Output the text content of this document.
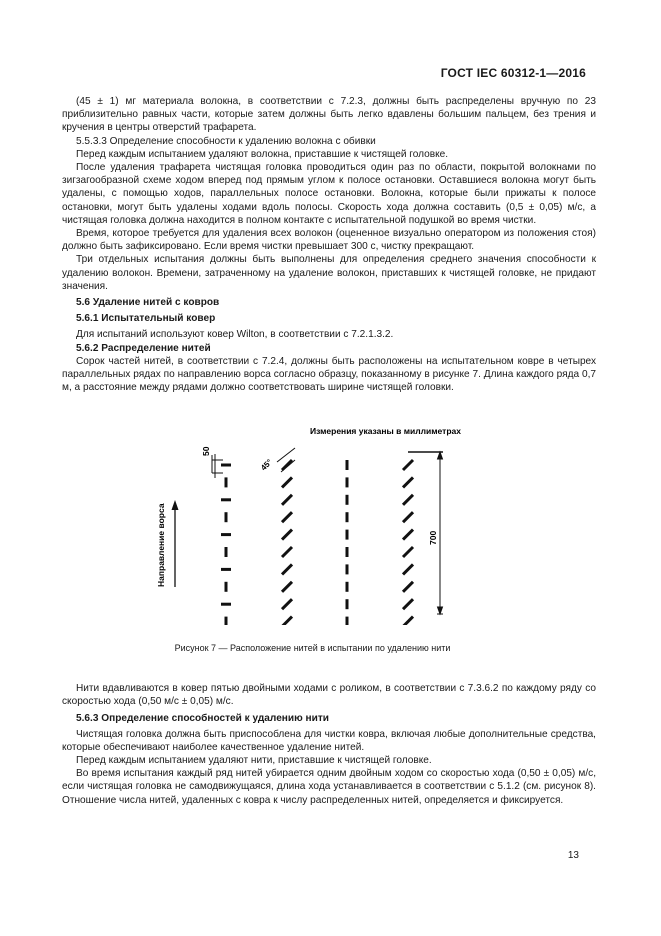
ГОСТ IEC 60312-1—2016

(45 ± 1) мг материала волокна, в соответствии с 7.2.3, должны быть распределены вручную по 23 приблизительно равных части, которые затем должны быть легко вдавлены большим пальцем, без трения и кручения в центры отверстий трафарета.

5.5.3.3 Определение способности к удалению волокна с обивки

Перед каждым испытанием удаляют волокна, приставшие к чистящей головке.

После удаления трафарета чистящая головка проводиться один раз по области, покрытой волокнами по зигзагообразной схеме ходом вперед под прямым углом к полосе остановки. Оставшиеся волокна могут быть удалены, с помощью ходов, параллельных полосе остановки. Волокна, которые были прижаты к полосе остановки, могут быть удалены ходами вдоль полосы. Скорость хода должна составить (0,5 ± 0,05) м/с, а чистящая головка должна находится в полном контакте с испытательной подушкой во время чистки.

Время, которое требуется для удаления всех волокон (оцененное визуально оператором из положения стоя) должно быть зафиксировано. Если время чистки превышает 300 с, чистку прекращают.

Три отдельных испытания должны быть выполнены для определения среднего значения способности к удалению волокон. Времени, затраченному на удаление волокон, приставших к чистящей головке, не придают значения.

5.6 Удаление нитей с ковров

5.6.1 Испытательный ковер

Для испытаний используют ковер Wilton, в соответствии с 7.2.1.3.2.

5.6.2 Распределение нитей

Сорок частей нитей, в соответствии с 7.2.4, должны быть расположены на испытательном ковре в четырех параллельных рядах по направлению ворса согласно образцу, показанному в рисунке 7. Длина каждого ряда 0,7 м, а расстояние между рядами должно соответствовать ширине чистящей головки.

Измерения указаны в миллиметрах
Направление ворса
50
45°
700
Рисунок 7 — Расположение нитей в испытании по удалению нити

Нити вдавливаются в ковер пятью двойными ходами с роликом, в соответствии с 7.3.6.2 по каждому ряду со скоростью хода (0,50 м/с ± 0,05) м/с.

5.6.3 Определение способностей к удалению нити

Чистящая головка должна быть приспособлена для чистки ковра, включая любые дополнительные средства, которые обеспечивают наиболее качественное удаление нитей.

Перед каждым испытанием удаляют нити, приставшие к чистящей головке.

Во время испытания каждый ряд нитей убирается одним двойным ходом со скоростью хода (0,50 ± 0,05) м/с, если чистящая головка не самодвижущаяся, длина хода устанавливается в соответствии с 5.1.2 (см. рисунок 8). Отношение числа нитей, удаленных с ковра к числу распределенных нитей, определяется и фиксируется.

13
